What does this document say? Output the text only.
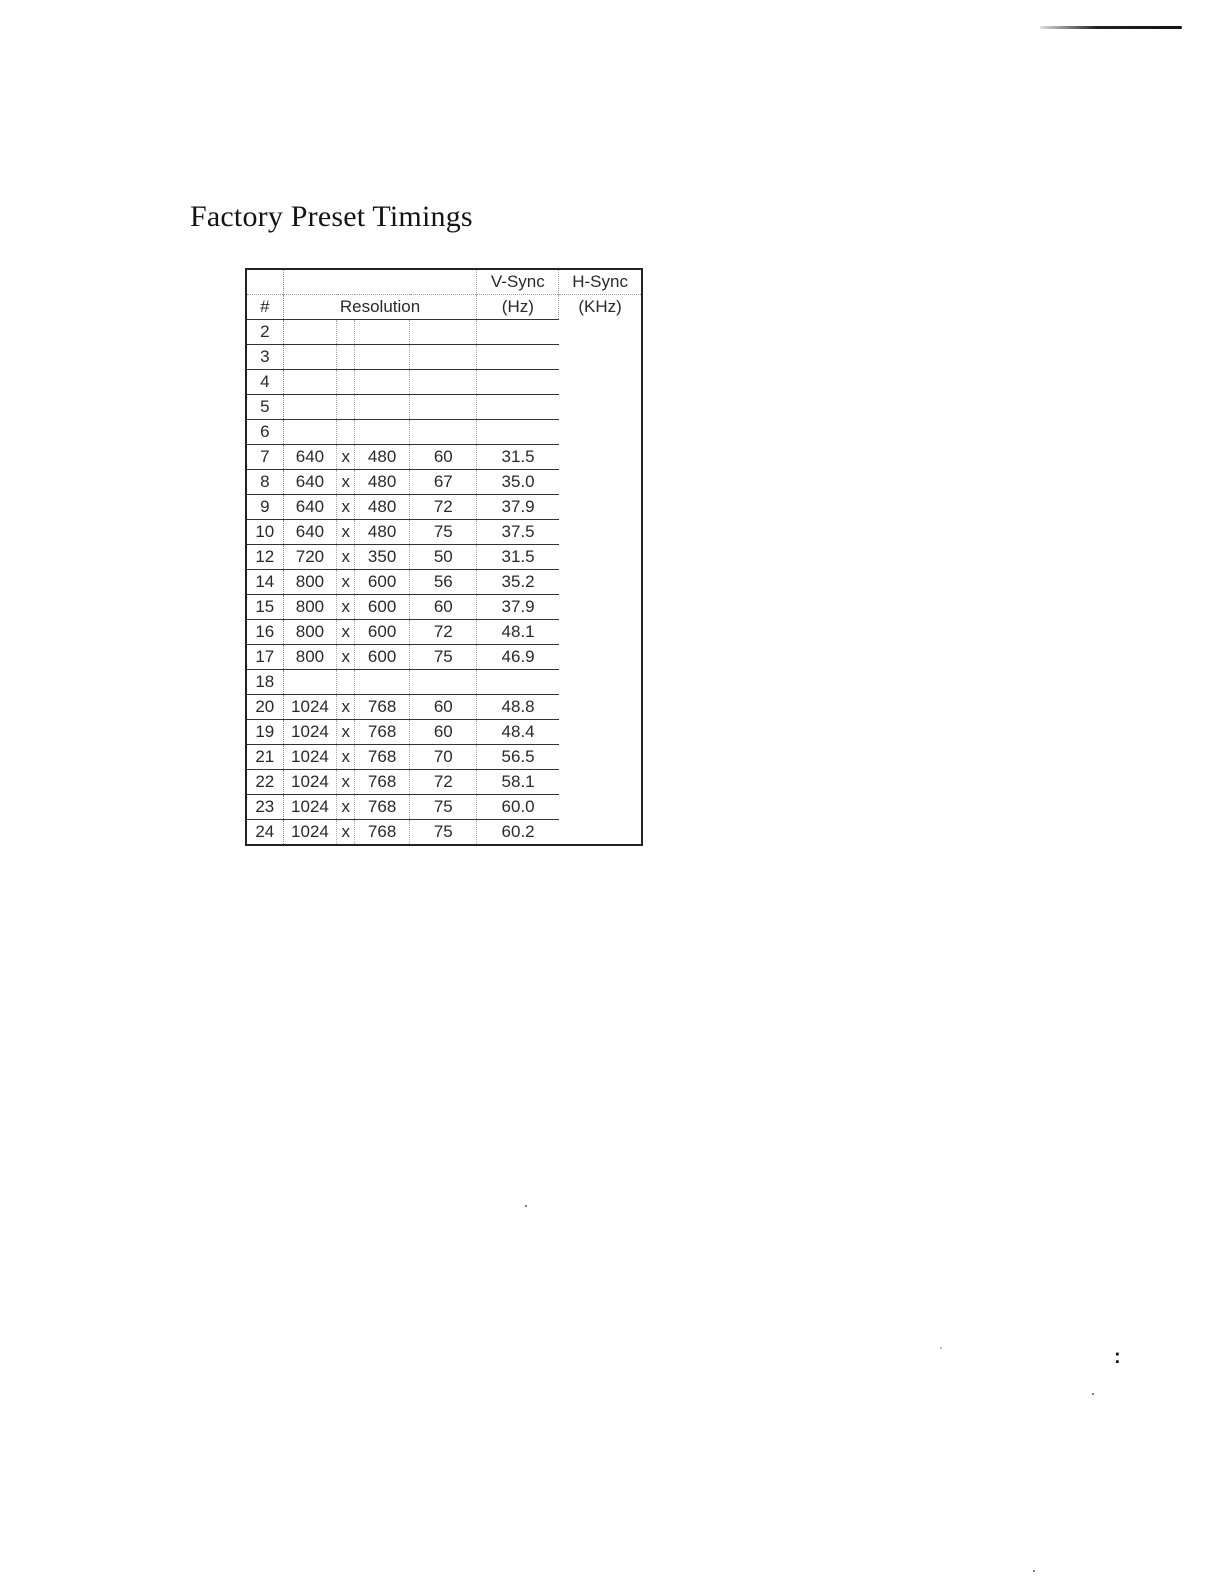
Factory Preset Timings
					V-Sync	H-Sync
#	Resolution				(Hz)	(KHz)
2						
3						
4						
5						
6						
7	640	x	480	60	31.5	
8	640	x	480	67	35.0	
9	640	x	480	72	37.9	
10	640	x	480	75	37.5	
12	720	x	350	50	31.5	
14	800	x	600	56	35.2	
15	800	x	600	60	37.9	
16	800	x	600	72	48.1	
17	800	x	600	75	46.9	
18						
20	1024	x	768	60	48.8	
19	1024	x	768	60	48.4	
21	1024	x	768	70	56.5	
22	1024	x	768	72	58.1	
23	1024	x	768	75	60.0	
24	1024	x	768	75	60.2	
:
